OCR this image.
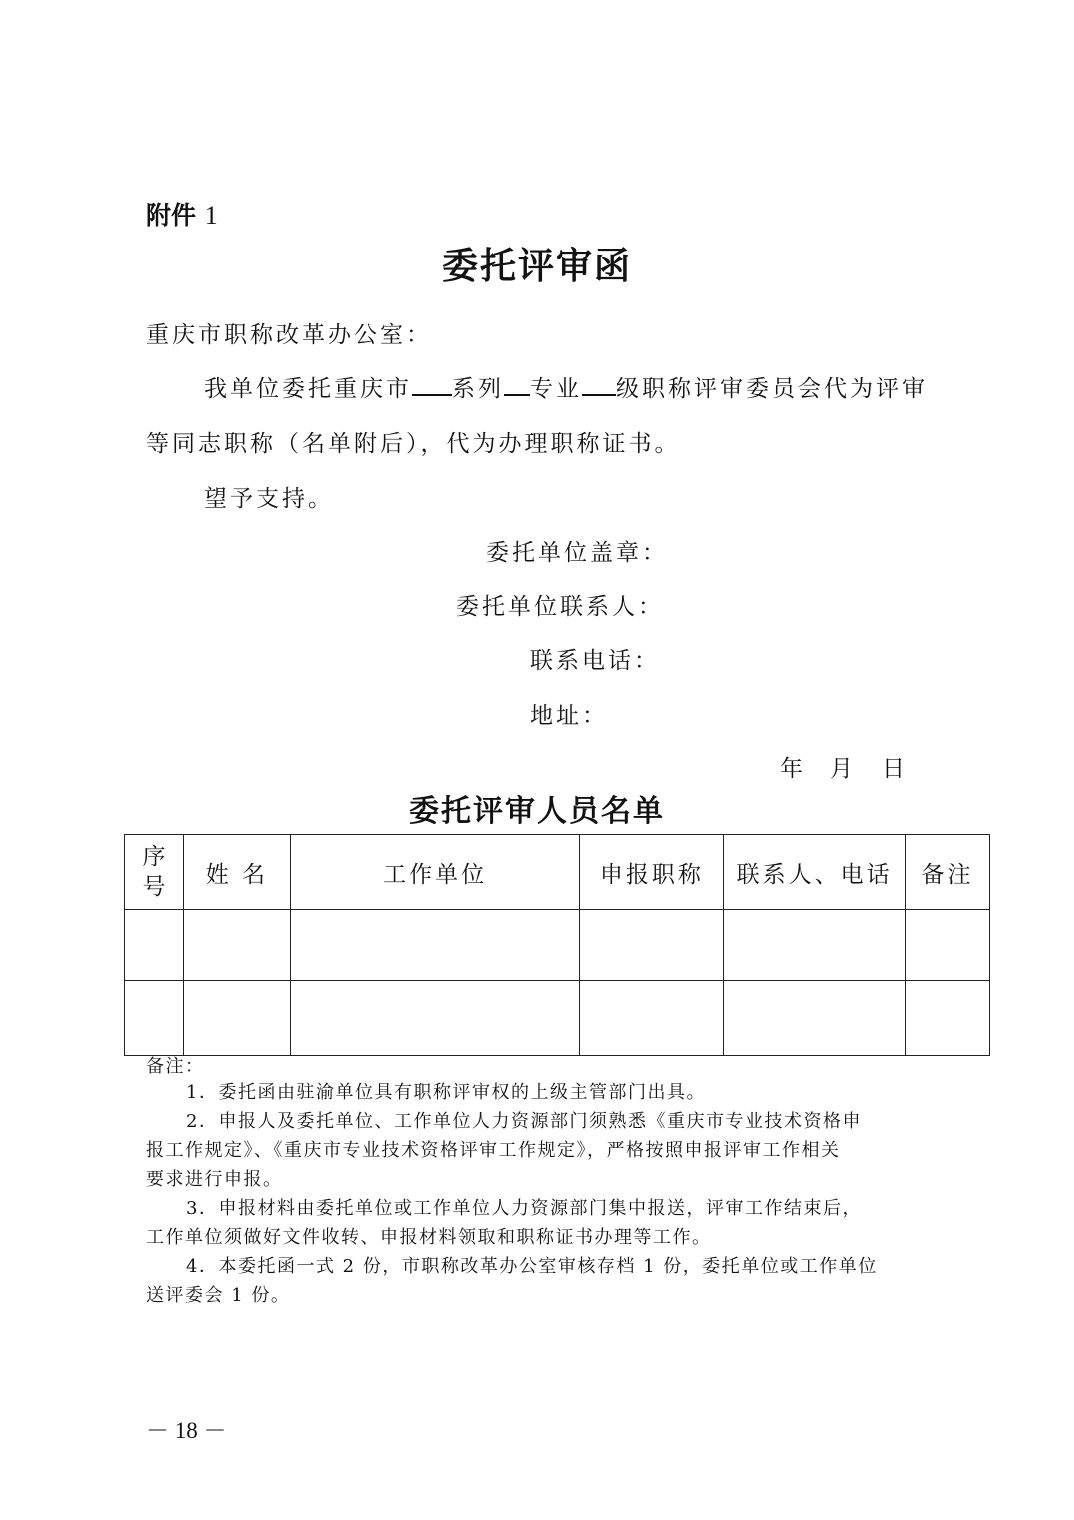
附件 1
委托评审函
重庆市职称改革办公室：
我单位委托重庆市 系列 专业 级职称评审委员会代为评审
等同志职称（名单附后），代为办理职称证书。
望予支持。
委托单位盖章：
委托单位联系人：
联系电话：
地址：
年 月 日
委托评审人员名单
序号	姓 名	工作单位	申报职称	联系人、电话	备注

备注：
1．委托函由驻渝单位具有职称评审权的上级主管部门出具。
2．申报人及委托单位、工作单位人力资源部门须熟悉《重庆市专业技术资格申
报工作规定》、《重庆市专业技术资格评审工作规定》，严格按照申报评审工作相关
要求进行申报。
3．申报材料由委托单位或工作单位人力资源部门集中报送，评审工作结束后，
工作单位须做好文件收转、申报材料领取和职称证书办理等工作。
4．本委托函一式 2 份，市职称改革办公室审核存档 1 份，委托单位或工作单位
送评委会 1 份。
－ 18 －
